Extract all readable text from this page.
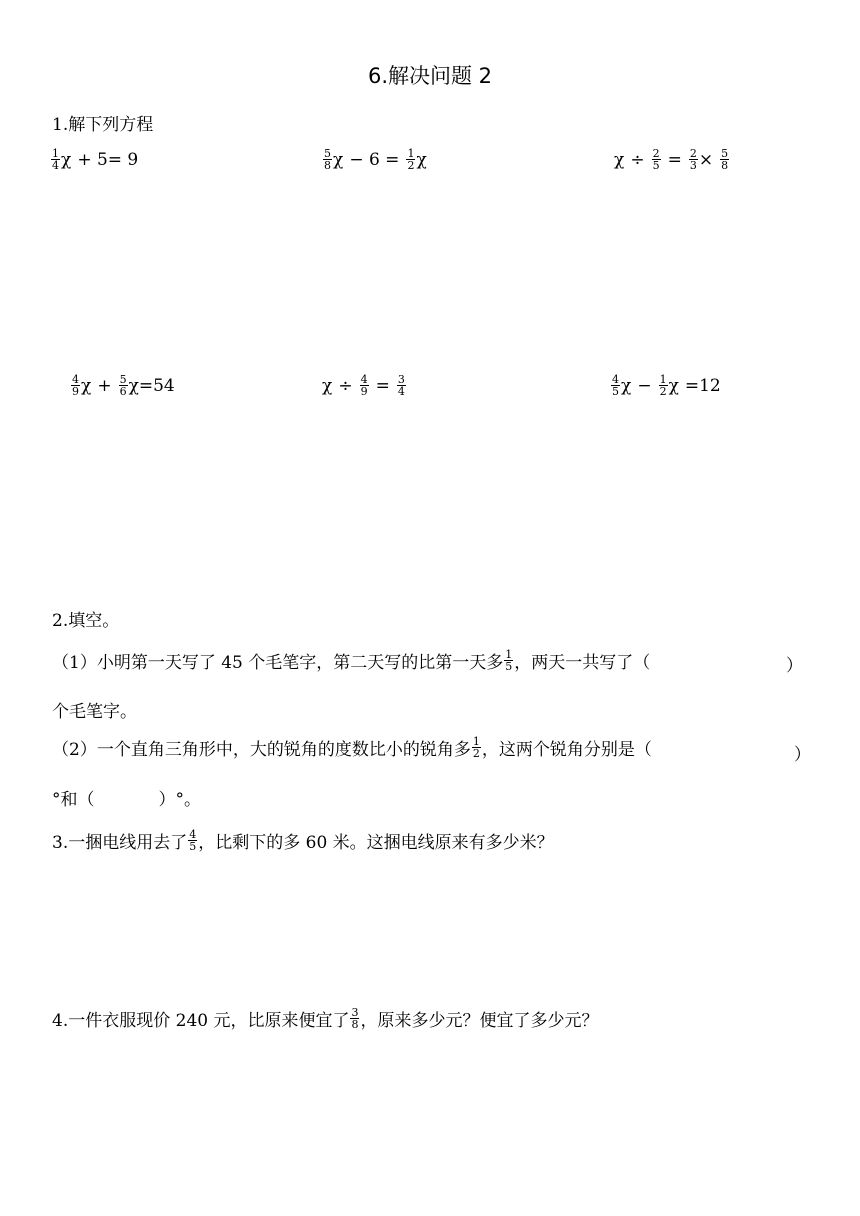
6.解决问题 2
1.解下列方程
$\frac{1}{4}$ χ + 5= 9	$\frac{5}{8}$ $\chi - 6 = \frac{1}{2}$ χ	$\chi \div \frac{2}{5} = \frac{2}{3} \times \frac{5}{8}$
$\frac{4}{9}$ $\chi + \frac{5}{6}$ χ =54	$\chi \div \frac{4}{9} = \frac{3}{4}$	$\frac{4}{5}$ $\chi - \frac{1}{2}$ χ =12
2.填空。
（1）小明第一天写了 45 个毛笔字，第二天写的比第一天多 $\frac{1}{5}$ ，两天一共写了（	）
个毛笔字。
（2）一个直角三角形中，大的锐角的度数比小的锐角多 $\frac{1}{2}$ ，这两个锐角分别是（	）
°和（	）°。
3.一捆电线用去了 $\frac{4}{5}$ ，比剩下的多 60 米。这捆电线原来有多少米？
4.一件衣服现价 240 元，比原来便宜了 $\frac{3}{8}$ ，原来多少元？便宜了多少元？
